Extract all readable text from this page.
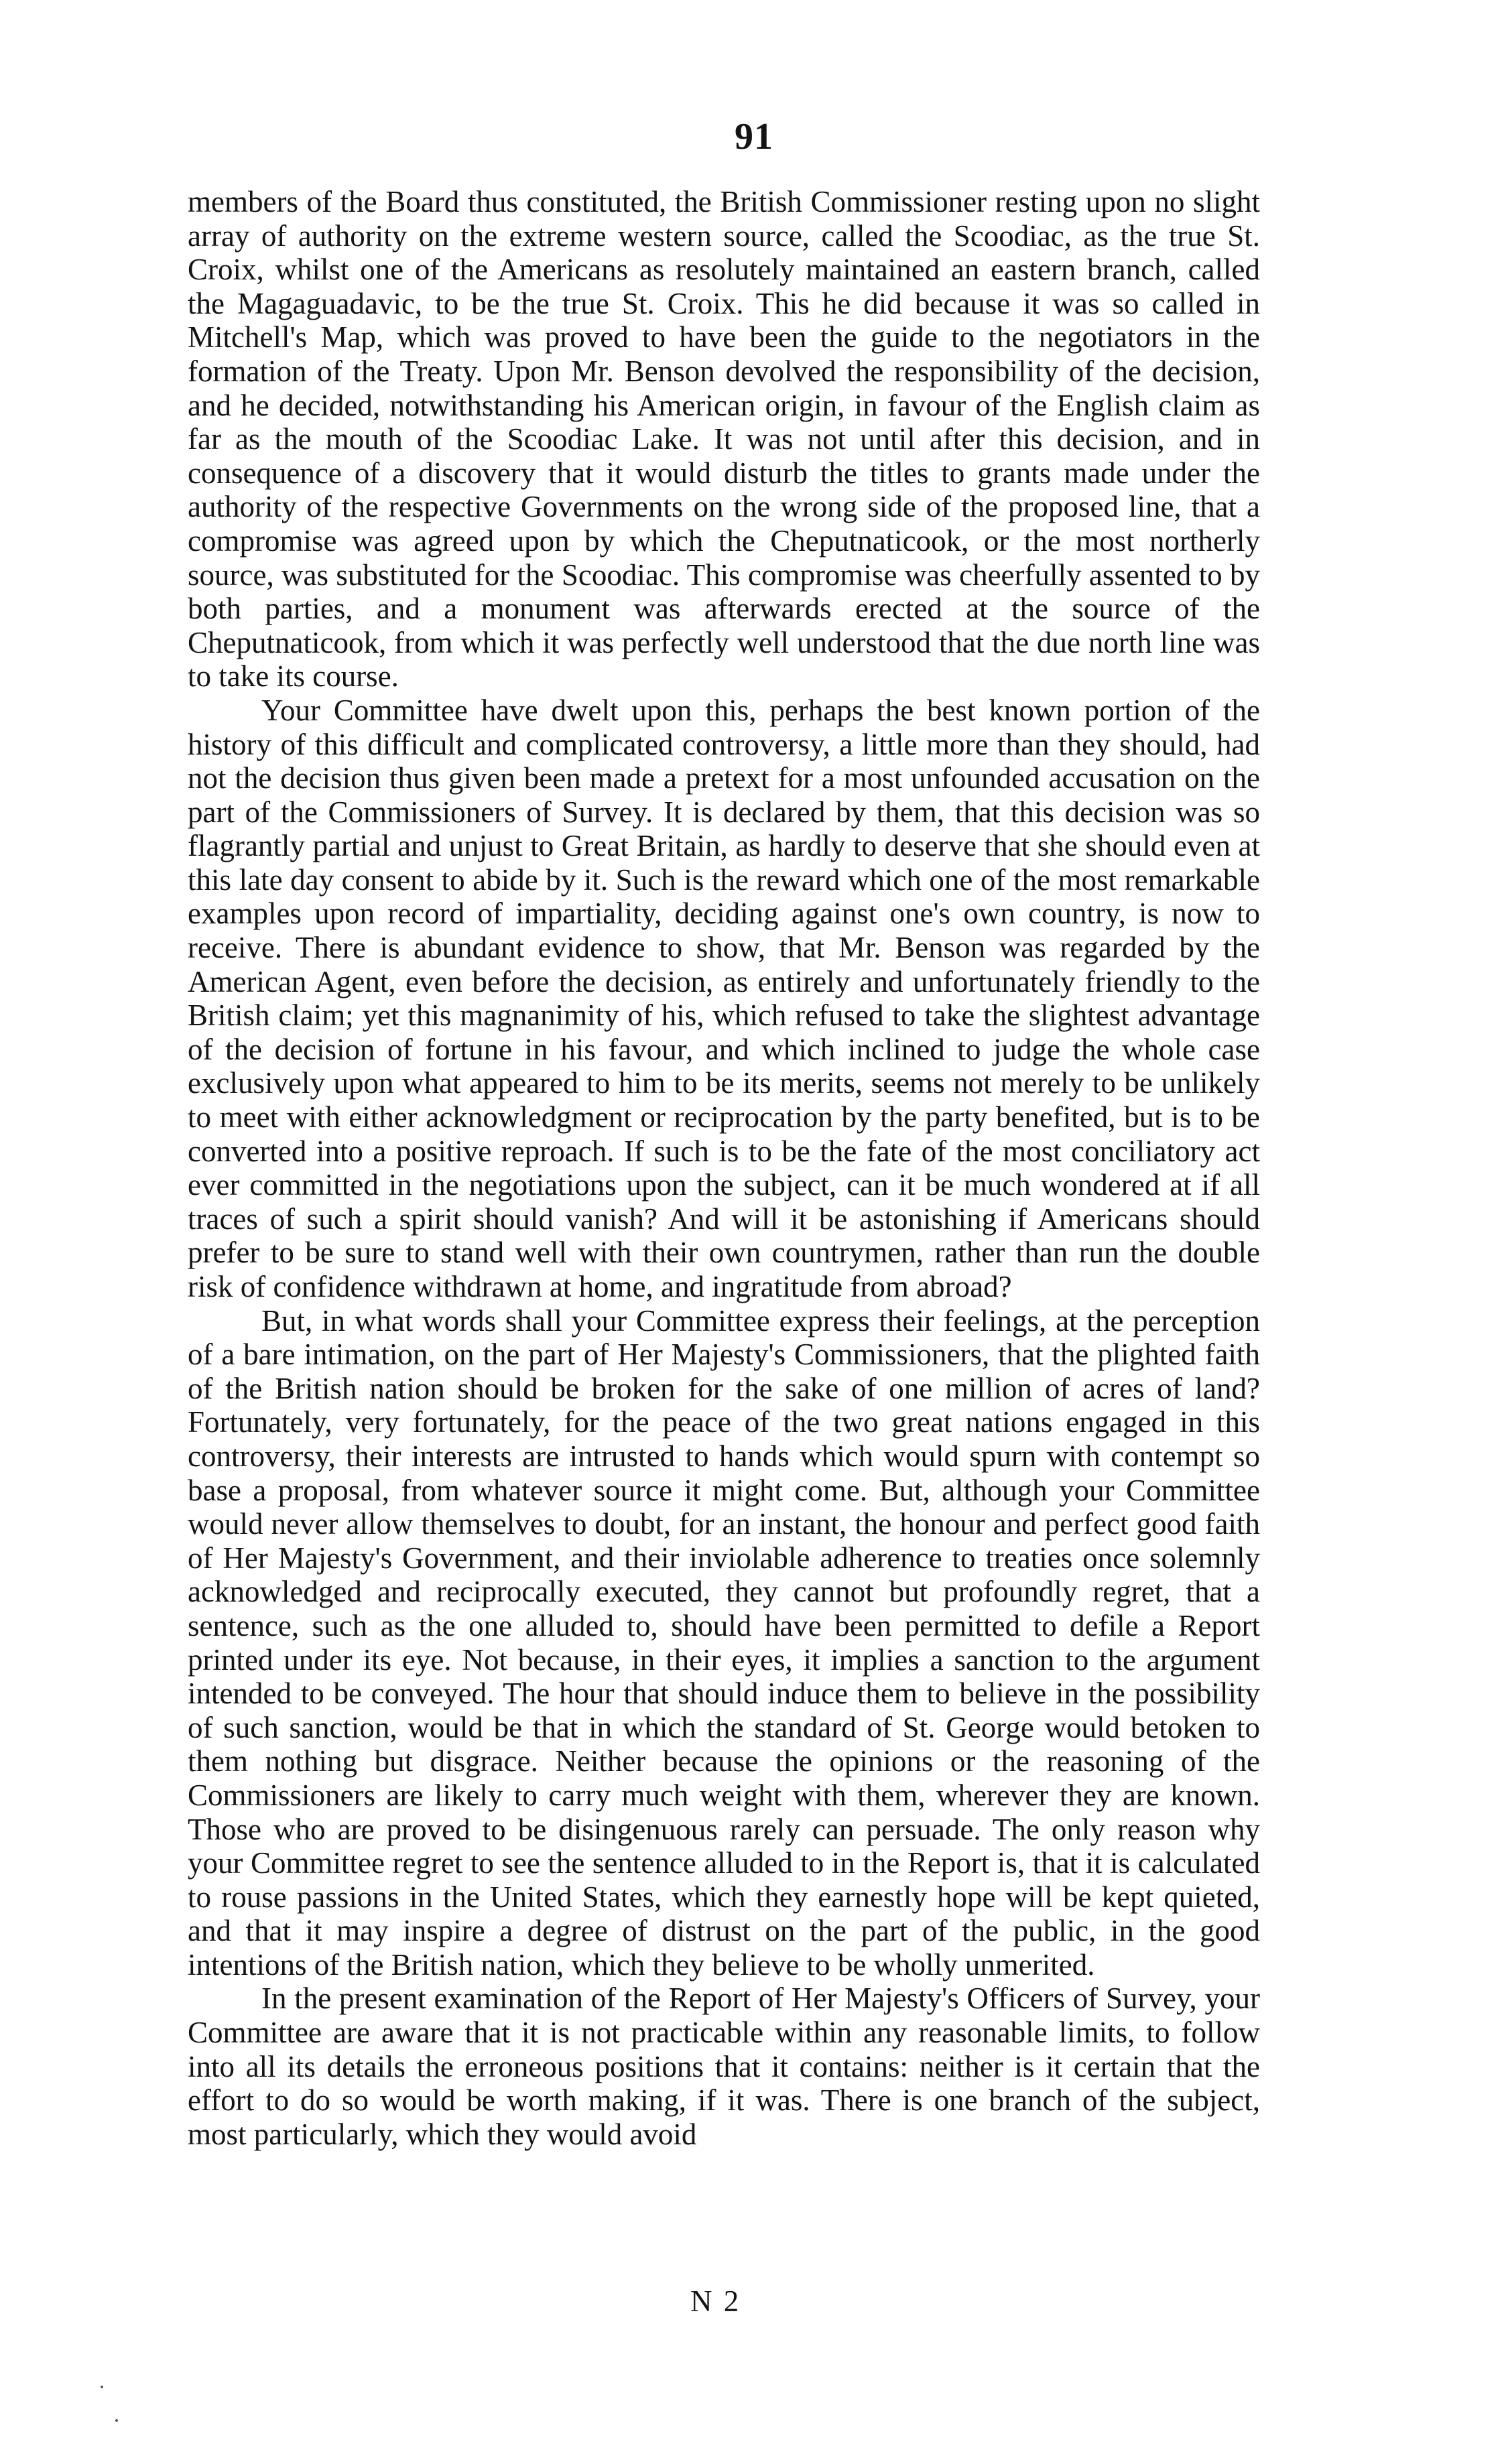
91

members of the Board thus constituted, the British Commissioner resting upon no slight array of authority on the extreme western source, called the Scoodiac, as the true St. Croix, whilst one of the Americans as resolutely maintained an eastern branch, called the Magaguadavic, to be the true St. Croix. This he did because it was so called in Mitchell's Map, which was proved to have been the guide to the negotiators in the formation of the Treaty. Upon Mr. Benson devolved the responsibility of the decision, and he decided, notwithstanding his American origin, in favour of the English claim as far as the mouth of the Scoodiac Lake. It was not until after this decision, and in consequence of a discovery that it would disturb the titles to grants made under the authority of the respective Governments on the wrong side of the proposed line, that a compromise was agreed upon by which the Cheputnaticook, or the most northerly source, was substituted for the Scoodiac. This compromise was cheerfully assented to by both parties, and a monument was afterwards erected at the source of the Cheputnaticook, from which it was perfectly well understood that the due north line was to take its course.

Your Committee have dwelt upon this, perhaps the best known portion of the history of this difficult and complicated controversy, a little more than they should, had not the decision thus given been made a pretext for a most unfounded accusation on the part of the Commissioners of Survey. It is declared by them, that this decision was so flagrantly partial and unjust to Great Britain, as hardly to deserve that she should even at this late day consent to abide by it. Such is the reward which one of the most remarkable examples upon record of impartiality, deciding against one's own country, is now to receive. There is abundant evidence to show, that Mr. Benson was regarded by the American Agent, even before the decision, as entirely and unfortunately friendly to the British claim; yet this magnanimity of his, which refused to take the slightest advantage of the decision of fortune in his favour, and which inclined to judge the whole case exclusively upon what appeared to him to be its merits, seems not merely to be unlikely to meet with either acknowledgment or reciprocation by the party benefited, but is to be converted into a positive reproach. If such is to be the fate of the most conciliatory act ever committed in the negotiations upon the subject, can it be much wondered at if all traces of such a spirit should vanish? And will it be astonishing if Americans should prefer to be sure to stand well with their own countrymen, rather than run the double risk of confidence withdrawn at home, and ingratitude from abroad?

But, in what words shall your Committee express their feelings, at the perception of a bare intimation, on the part of Her Majesty's Commissioners, that the plighted faith of the British nation should be broken for the sake of one million of acres of land? Fortunately, very fortunately, for the peace of the two great nations engaged in this controversy, their interests are intrusted to hands which would spurn with contempt so base a proposal, from whatever source it might come. But, although your Committee would never allow themselves to doubt, for an instant, the honour and perfect good faith of Her Majesty's Government, and their inviolable adherence to treaties once solemnly acknowledged and reciprocally executed, they cannot but profoundly regret, that a sentence, such as the one alluded to, should have been permitted to defile a Report printed under its eye. Not because, in their eyes, it implies a sanction to the argument intended to be conveyed. The hour that should induce them to believe in the possibility of such sanction, would be that in which the standard of St. George would betoken to them nothing but disgrace. Neither because the opinions or the reasoning of the Commissioners are likely to carry much weight with them, wherever they are known. Those who are proved to be disingenuous rarely can persuade. The only reason why your Committee regret to see the sentence alluded to in the Report is, that it is calculated to rouse passions in the United States, which they earnestly hope will be kept quieted, and that it may inspire a degree of distrust on the part of the public, in the good intentions of the British nation, which they believe to be wholly unmerited.

In the present examination of the Report of Her Majesty's Officers of Survey, your Committee are aware that it is not practicable within any reasonable limits, to follow into all its details the erroneous positions that it contains: neither is it certain that the effort to do so would be worth making, if it was. There is one branch of the subject, most particularly, which they would avoid

N 2
